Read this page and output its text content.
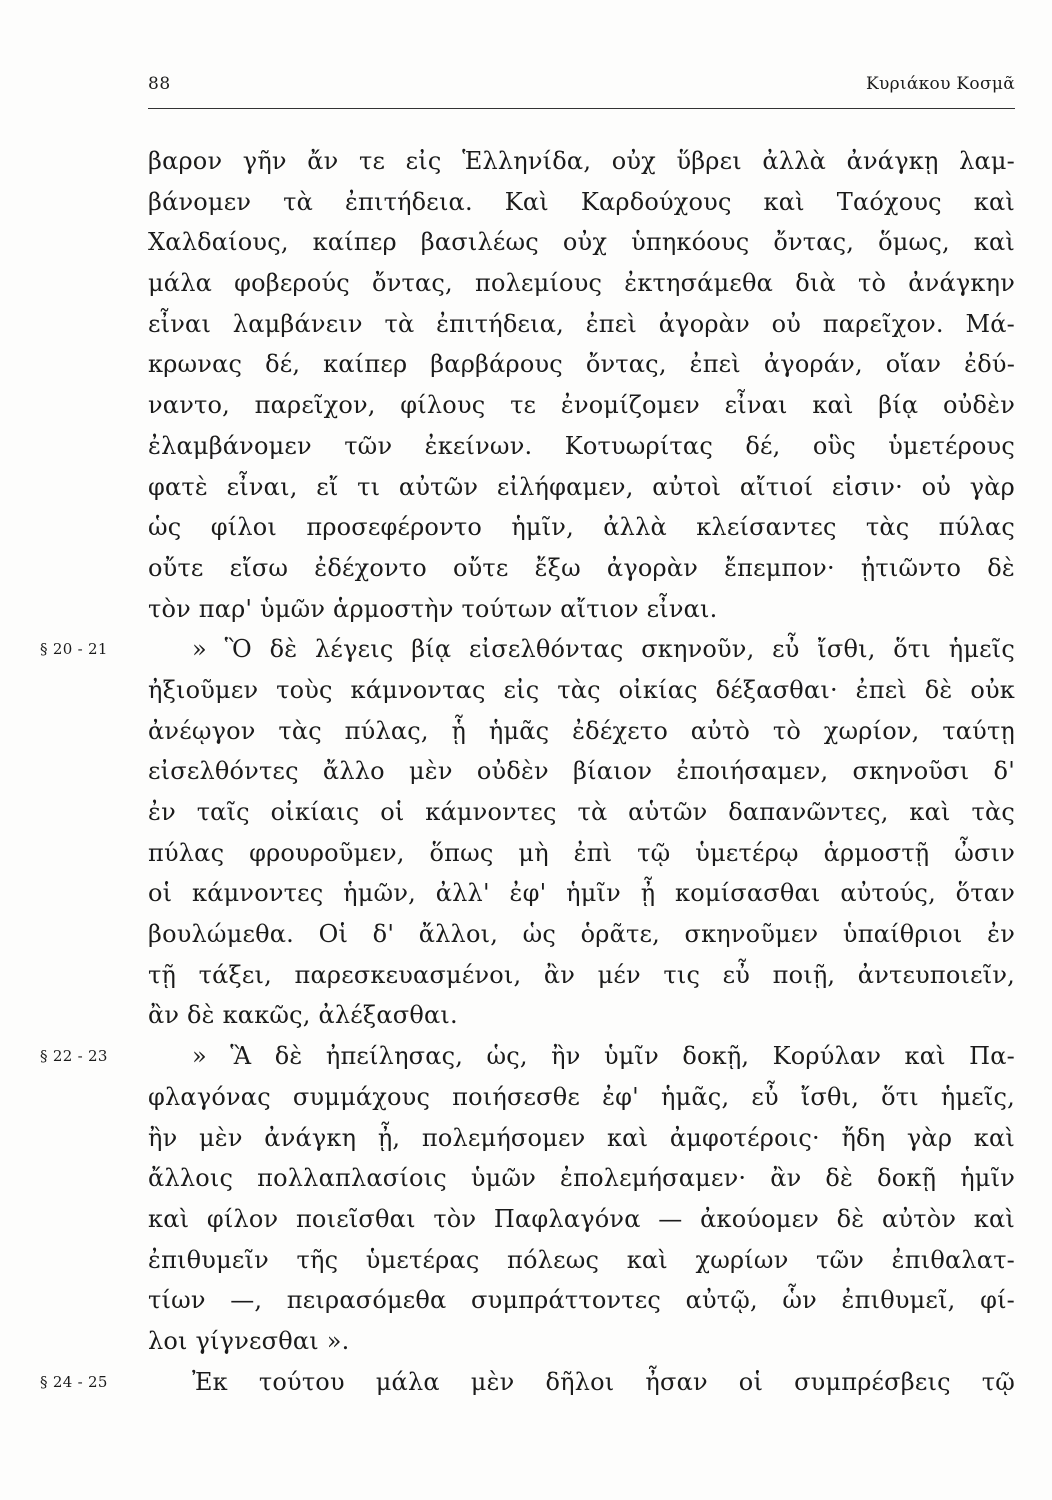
88	Κυριάκου Κοσμᾶ
βαρον γῆν ἄν τε εἰς Ἑλληνίδα, οὐχ ὕβρει ἀλλὰ ἀνάγκῃ λαμ-
βάνομεν τὰ ἐπιτήδεια. Καὶ Καρδούχους καὶ Ταόχους καὶ
Χαλδαίους, καίπερ βασιλέως οὐχ ὑπηκόους ὄντας, ὅμως, καὶ
μάλα φοβερούς ὄντας, πολεμίους ἐκτησάμεθα διὰ τὸ ἀνάγκην
εἶναι λαμβάνειν τὰ ἐπιτήδεια, ἐπεὶ ἀγορὰν οὐ παρεῖχον. Μά-
κρωνας δέ, καίπερ βαρβάρους ὄντας, ἐπεὶ ἀγοράν, οἵαν ἐδύ-
ναντο, παρεῖχον, φίλους τε ἐνομίζομεν εἶναι καὶ βίᾳ οὐδὲν
ἐλαμβάνομεν τῶν ἐκείνων. Κοτυωρίτας δέ, οὓς ὑμετέρους
φατὲ εἶναι, εἴ τι αὐτῶν εἰλήφαμεν, αὐτοὶ αἴτιοί εἰσιν· οὐ γὰρ
ὡς φίλοι προσεφέροντο ἡμῖν, ἀλλὰ κλείσαντες τὰς πύλας
οὔτε εἴσω ἐδέχοντο οὔτε ἔξω ἀγορὰν ἔπεμπον· ᾐτιῶντο δὲ
τὸν παρ' ὑμῶν ἁρμοστὴν τούτων αἴτιον εἶναι.
§ 20 - 21	» Ὃ δὲ λέγεις βίᾳ εἰσελθόντας σκηνοῦν, εὖ ἴσθι, ὅτι ἡμεῖς
ἠξιοῦμεν τοὺς κάμνοντας εἰς τὰς οἰκίας δέξασθαι· ἐπεὶ δὲ οὐκ
ἀνέῳγον τὰς πύλας, ᾗ ἡμᾶς ἐδέχετο αὐτὸ τὸ χωρίον, ταύτῃ
εἰσελθόντες ἄλλο μὲν οὐδὲν βίαιον ἐποιήσαμεν, σκηνοῦσι δ'
ἐν ταῖς οἰκίαις οἱ κάμνοντες τὰ αὑτῶν δαπανῶντες, καὶ τὰς
πύλας φρουροῦμεν, ὅπως μὴ ἐπὶ τῷ ὑμετέρῳ ἁρμοστῇ ὦσιν
οἱ κάμνοντες ἡμῶν, ἀλλ' ἐφ' ἡμῖν ᾖ κομίσασθαι αὐτούς, ὅταν
βουλώμεθα. Οἱ δ' ἄλλοι, ὡς ὁρᾶτε, σκηνοῦμεν ὑπαίθριοι ἐν
τῇ τάξει, παρεσκευασμένοι, ἂν μέν τις εὖ ποιῇ, ἀντευποιεῖν,
ἂν δὲ κακῶς, ἀλέξασθαι.
§ 22 - 23	» Ἃ δὲ ἠπείλησας, ὡς, ἢν ὑμῖν δοκῇ, Κορύλαν καὶ Πα-
φλαγόνας συμμάχους ποιήσεσθε ἐφ' ἡμᾶς, εὖ ἴσθι, ὅτι ἡμεῖς,
ἢν μὲν ἀνάγκη ᾖ, πολεμήσομεν καὶ ἀμφοτέροις· ἤδη γὰρ καὶ
ἄλλοις πολλαπλασίοις ὑμῶν ἐπολεμήσαμεν· ἂν δὲ δοκῇ ἡμῖν
καὶ φίλον ποιεῖσθαι τὸν Παφλαγόνα — ἀκούομεν δὲ αὐτὸν καὶ
ἐπιθυμεῖν τῆς ὑμετέρας πόλεως καὶ χωρίων τῶν ἐπιθαλατ-
τίων —, πειρασόμεθα συμπράττοντες αὐτῷ, ὧν ἐπιθυμεῖ, φί-
λοι γίγνεσθαι ».
§ 24 - 25	Ἐκ τούτου μάλα μὲν δῆλοι ἦσαν οἱ συμπρέσβεις τῷ
